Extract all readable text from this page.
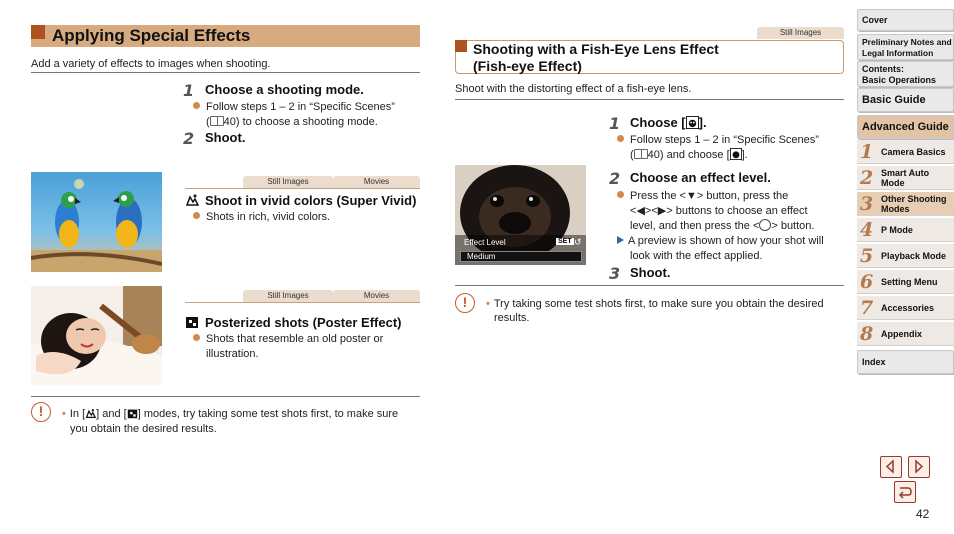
Applying Special Effects
Add a variety of effects to images when shooting.
1 Choose a shooting mode.
Follow steps 1 – 2 in “Specific Scenes”
( 40) to choose a shooting mode.
2 Shoot.
Still Images	Movies
Shoot in vivid colors (Super Vivid)
Shots in rich, vivid colors.
Still Images	Movies
Posterized shots (Poster Effect)
Shots that resemble an old poster or
illustration.
!	• In [ ] and [ ] modes, try taking some test shots first, to make sure
you obtain the desired results.
Still Images
Shooting with a Fish-Eye Lens Effect
(Fish-eye Effect)
Shoot with the distorting effect of a fish-eye lens.
Effect Level	SET ↺
Medium
1 Choose [ ].
Follow steps 1 – 2 in “Specific Scenes”
( 40) and choose [ ].
2 Choose an effect level.
Press the <▼> button, press the
<◀><▶> buttons to choose an effect
level, and then press the < > button.
A preview is shown of how your shot will
look with the effect applied.
3 Shoot.
!	• Try taking some test shots first, to make sure you obtain the desired
results.
Cover
Preliminary Notes and
Legal Information
Contents:
Basic Operations
Basic Guide
Advanced Guide
1 Camera Basics
2 Smart Auto Mode
3 Other Shooting Modes
4 P Mode
5 Playback Mode
6 Setting Menu
7 Accessories
8 Appendix
Index
42
